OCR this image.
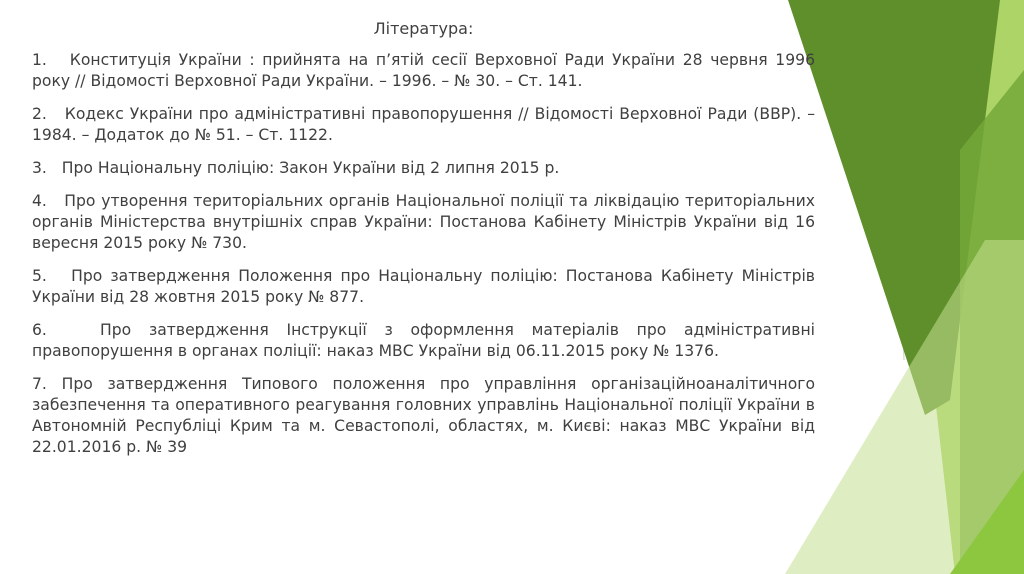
Література:

1.   Конституція України : прийнята на п’ятій сесії Верховної Ради України 28 червня 1996 року // Відомості Верховної Ради України. – 1996. – № 30. – Ст. 141.

2.   Кодекс України про адміністративні правопорушення // Відомості Верховної Ради (ВВР). – 1984. – Додаток до № 51. – Ст. 1122.

3.   Про Національну поліцію: Закон України від 2 липня 2015 р.

4.   Про утворення територіальних органів Національної поліції та ліквідацію територіальних органів Міністерства внутрішніх справ України: Постанова Кабінету Міністрів України від 16 вересня 2015 року № 730.

5.   Про затвердження Положення про Національну поліцію: Постанова Кабінету Міністрів України від 28 жовтня 2015 року № 877.

6.   Про затвердження Інструкції з оформлення матеріалів про адміністративні правопорушення в органах поліції: наказ МВС України від 06.11.2015 року № 1376.

7. Про затвердження Типового положення про управління організаційноаналітичного забезпечення та оперативного реагування головних управлінь Національної поліції України в Автономній Республіці Крим та м. Севастополі, областях, м. Києві: наказ МВС України від 22.01.2016 р. № 39
